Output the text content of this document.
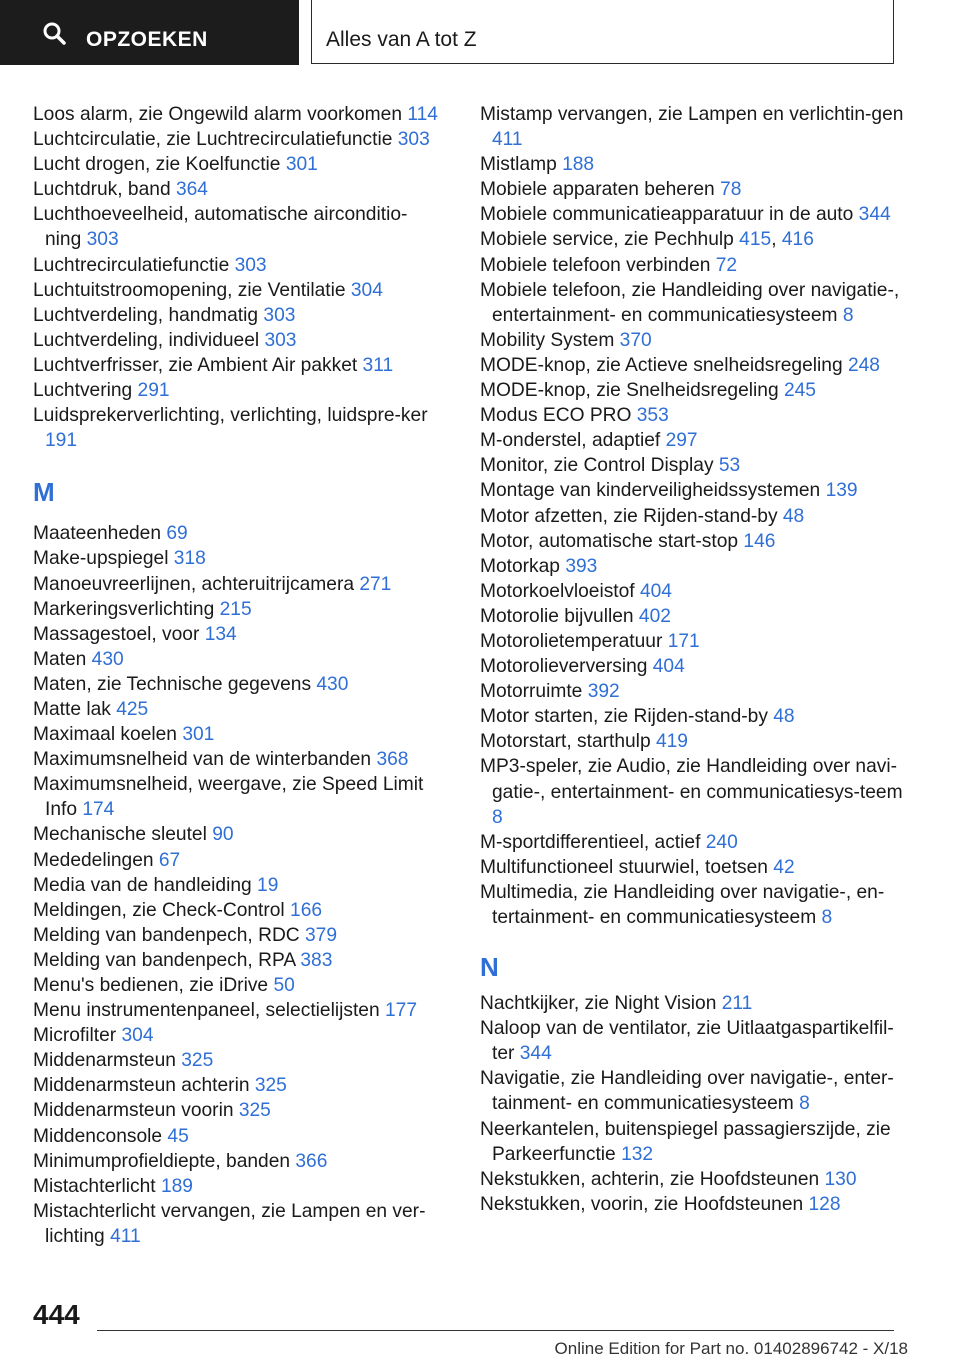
OPZOEKEN	Alles van A tot Z
Loos alarm, zie Ongewild alarm voorkomen 114
Luchtcirculatie, zie Luchtrecirculatiefunctie 303
Lucht drogen, zie Koelfunctie 301
Luchtdruk, band 364
Luchthoeveelheid, automatische airconditio-ning 303
Luchtrecirculatiefunctie 303
Luchtuitstroomopening, zie Ventilatie 304
Luchtverdeling, handmatig 303
Luchtverdeling, individueel 303
Luchtverfrisser, zie Ambient Air pakket 311
Luchtvering 291
Luidsprekerverlichting, verlichting, luidspre-ker 191
M
Maateenheden 69
Make-upspiegel 318
Manoeuvreerlijnen, achteruitrijcamera 271
Markeringsverlichting 215
Massagestoel, voor 134
Maten 430
Maten, zie Technische gegevens 430
Matte lak 425
Maximaal koelen 301
Maximumsnelheid van de winterbanden 368
Maximumsnelheid, weergave, zie Speed Limit Info 174
Mechanische sleutel 90
Mededelingen 67
Media van de handleiding 19
Meldingen, zie Check-Control 166
Melding van bandenpech, RDC 379
Melding van bandenpech, RPA 383
Menu's bedienen, zie iDrive 50
Menu instrumentenpaneel, selectielijsten 177
Microfilter 304
Middenarmsteun 325
Middenarmsteun achterin 325
Middenarmsteun voorin 325
Middenconsole 45
Minimumprofieldiepte, banden 366
Mistachterlicht 189
Mistachterlicht vervangen, zie Lampen en ver-lichting 411
Mistamp vervangen, zie Lampen en verlichtin-gen 411
Mistlamp 188
Mobiele apparaten beheren 78
Mobiele communicatieapparatuur in de auto 344
Mobiele service, zie Pechhulp 415, 416
Mobiele telefoon verbinden 72
Mobiele telefoon, zie Handleiding over navigatie-, entertainment- en communicatiesysteem 8
Mobility System 370
MODE-knop, zie Actieve snelheidsregeling 248
MODE-knop, zie Snelheidsregeling 245
Modus ECO PRO 353
M-onderstel, adaptief 297
Monitor, zie Control Display 53
Montage van kinderveiligheidssystemen 139
Motor afzetten, zie Rijden-stand-by 48
Motor, automatische start-stop 146
Motorkap 393
Motorkoelvloeistof 404
Motorolie bijvullen 402
Motorolietemperatuur 171
Motorolieverversing 404
Motorruimte 392
Motor starten, zie Rijden-stand-by 48
Motorstart, starthulp 419
MP3-speler, zie Audio, zie Handleiding over navi-gatie-, entertainment- en communicatiesys-teem 8
M-sportdifferentieel, actief 240
Multifunctioneel stuurwiel, toetsen 42
Multimedia, zie Handleiding over navigatie-, en-tertainment- en communicatiesysteem 8
N
Nachtkijker, zie Night Vision 211
Naloop van de ventilator, zie Uitlaatgaspartikelfil-ter 344
Navigatie, zie Handleiding over navigatie-, enter-tainment- en communicatiesysteem 8
Neerkantelen, buitenspiegel passagierszijde, zie Parkeerfunctie 132
Nekstukken, achterin, zie Hoofdsteunen 130
Nekstukken, voorin, zie Hoofdsteunen 128
444
Online Edition for Part no. 01402896742 - X/18
